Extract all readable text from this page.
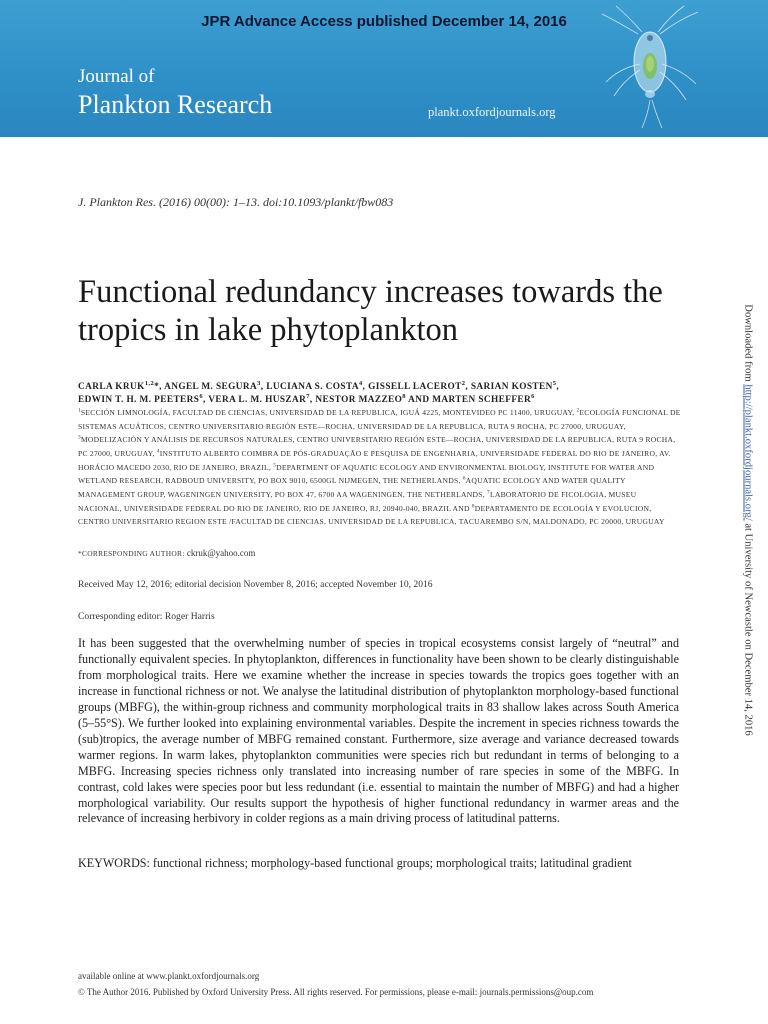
JPR Advance Access published December 14, 2016
Journal of
Plankton Research	plankt.oxfordjournals.org
J. Plankton Res. (2016) 00(00): 1–13. doi:10.1093/plankt/fbw083
Functional redundancy increases towards the tropics in lake phytoplankton
CARLA KRUK$^{1,2}$*, ANGEL M. SEGURA$^3$, LUCIANA S. COSTA$^4$, GISSELL LACEROT$^2$, SARIAN KOSTEN$^5$,
EDWIN T. H. M. PEETERS$^6$, VERA L. M. HUSZAR$^7$, NESTOR MAZZEO$^8$ AND MARTEN SCHEFFER$^6$
$^1$SECCIÓN LIMNOLOGÍA, FACULTAD DE CIENCIAS, UNIVERSIDAD DE LA REPUBLICA, IGUÁ 4225, MONTEVIDEO PC 11400, URUGUAY, $^2$ECOLOGÍA FUNCIONAL DE SISTEMAS ACUÁTICOS, CENTRO UNIVERSITARIO REGIÓN ESTE—ROCHA, UNIVERSIDAD DE LA REPUBLICA, RUTA 9 ROCHA, PC 27000, URUGUAY, $^3$MODELIZACIÓN Y ANÁLISIS DE RECURSOS NATURALES, CENTRO UNIVERSITARIO REGIÓN ESTE—ROCHA, UNIVERSIDAD DE LA REPUBLICA, RUTA 9 ROCHA, PC 27000, URUGUAY, $^4$INSTITUTO ALBERTO COIMBRA DE PÓS-GRADUAÇÃO E PESQUISA DE ENGENHARIA, UNIVERSIDADE FEDERAL DO RIO DE JANEIRO, AV. HORÁCIO MACEDO 2030, RIO DE JANEIRO, BRAZIL, $^5$DEPARTMENT OF AQUATIC ECOLOGY AND ENVIRONMENTAL BIOLOGY, INSTITUTE FOR WATER AND WETLAND RESEARCH, RADBOUD UNIVERSITY, PO BOX 9010, 6500GL NIJMEGEN, THE NETHERLANDS, $^6$AQUATIC ECOLOGY AND WATER QUALITY MANAGEMENT GROUP, WAGENINGEN UNIVERSITY, PO BOX 47, 6700 AA WAGENINGEN, THE NETHERLANDS, $^7$LABORATORIO DE FICOLOGIA, MUSEU NACIONAL, UNIVERSIDADE FEDERAL DO RIO DE JANEIRO, RIO DE JANEIRO, RJ, 20940-040, BRAZIL AND $^8$DEPARTAMENTO DE ECOLOGÍA Y EVOLUCION, CENTRO UNIVERSITARIO REGION ESTE /FACULTAD DE CIENCIAS, UNIVERSIDAD DE LA REPUBLICA, TACUAREMBO S/N, MALDONADO, PC 20000, URUGUAY
*CORRESPONDING AUTHOR: ckruk@yahoo.com
Received May 12, 2016; editorial decision November 8, 2016; accepted November 10, 2016
Corresponding editor: Roger Harris

It has been suggested that the overwhelming number of species in tropical ecosystems consist largely of “neutral” and functionally equivalent species. In phytoplankton, differences in functionality have been shown to be clearly distinguishable from morphological traits. Here we examine whether the increase in species towards the tropics goes together with an increase in functional richness or not. We analyse the latitudinal distribution of phytoplankton morphology-based functional groups (MBFG), the within-group richness and community morphological traits in 83 shallow lakes across South America (5–55°S). We further looked into explaining environmental variables. Despite the increment in species richness towards the (sub)tropics, the average number of MBFG remained constant. Furthermore, size average and variance decreased towards warmer regions. In warm lakes, phytoplankton communities were species rich but redundant in terms of belonging to a MBFG. Increasing species richness only translated into increasing number of rare species in some of the MBFG. In contrast, cold lakes were species poor but less redundant (i.e. essential to maintain the number of MBFG) and had a higher morphological variability. Our results support the hypothesis of higher functional redundancy in warmer areas and the relevance of increasing herbivory in colder regions as a main driving process of latitudinal patterns.

KEYWORDS: functional richness; morphology-based functional groups; morphological traits; latitudinal gradient

available online at www.plankt.oxfordjournals.org
© The Author 2016. Published by Oxford University Press. All rights reserved. For permissions, please e-mail: journals.permissions@oup.com
Downloaded from http://plankt.oxfordjournals.org/ at University of Newcastle on December 14, 2016
